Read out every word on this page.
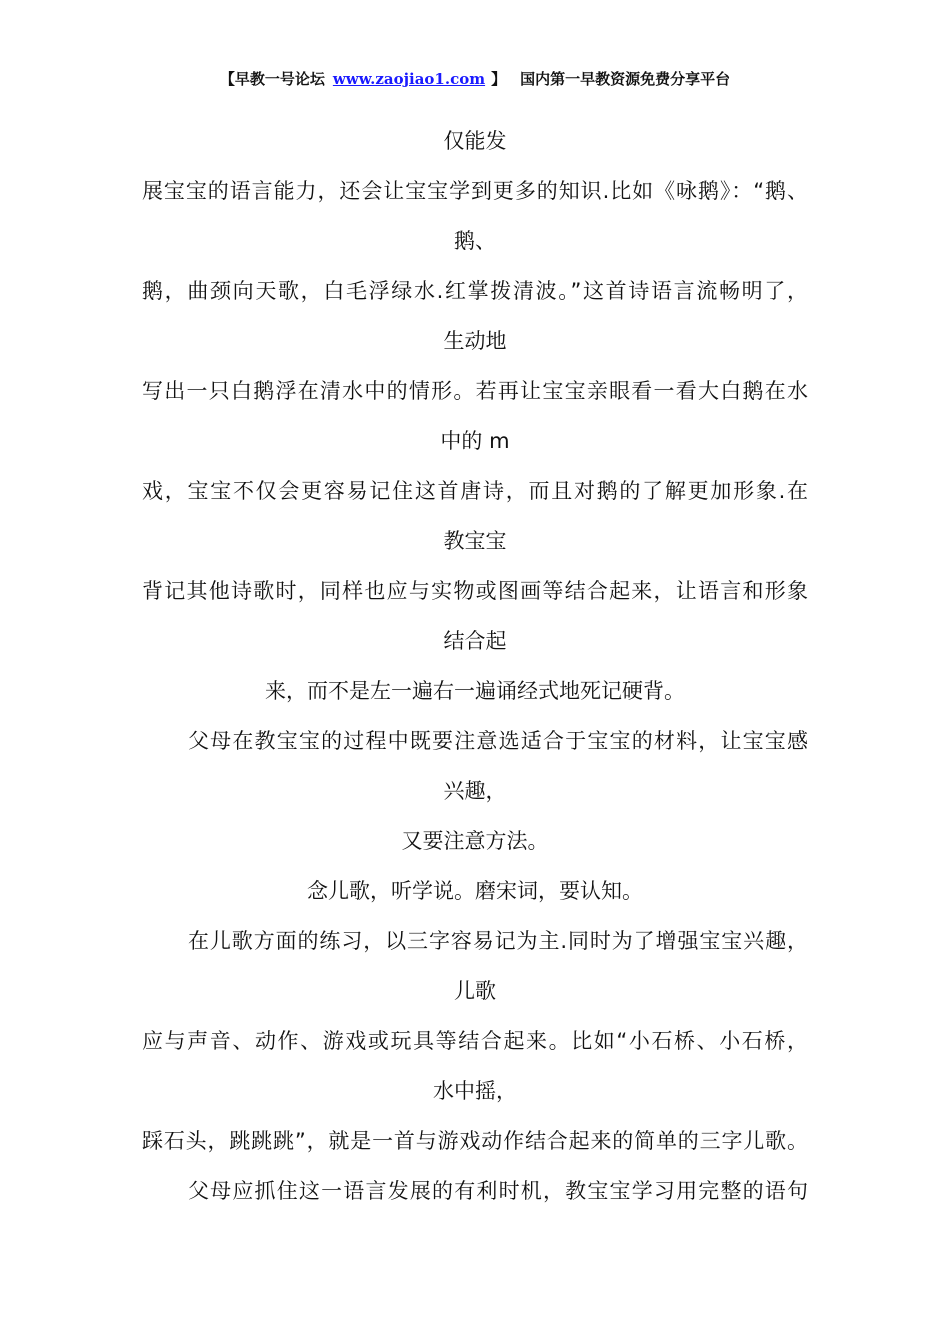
【早教一号论坛 www.zaojiao1.com 】 国内第一早教资源免费分享平台
仅能发
展宝宝的语言能力，还会让宝宝学到更多的知识.比如《咏鹅》：“鹅、
鹅、
鹅，曲颈向天歌，白毛浮绿水.红掌拨清波。”这首诗语言流畅明了，
生动地
写出一只白鹅浮在清水中的情形。若再让宝宝亲眼看一看大白鹅在水
中的 m
戏，宝宝不仅会更容易记住这首唐诗，而且对鹅的了解更加形象.在
教宝宝
背记其他诗歌时，同样也应与实物或图画等结合起来，让语言和形象
结合起
来，而不是左一遍右一遍诵经式地死记硬背。
父母在教宝宝的过程中既要注意选适合于宝宝的材料，让宝宝感
兴趣，
又要注意方法。
念儿歌，听学说。磨宋词，要认知。
在儿歌方面的练习，以三字容易记为主.同时为了增强宝宝兴趣，
儿歌
应与声音、动作、游戏或玩具等结合起来。比如“小石桥、小石桥，
水中摇，
踩石头，跳跳跳”，就是一首与游戏动作结合起来的简单的三字儿歌。
父母应抓住这一语言发展的有利时机，教宝宝学习用完整的语句
